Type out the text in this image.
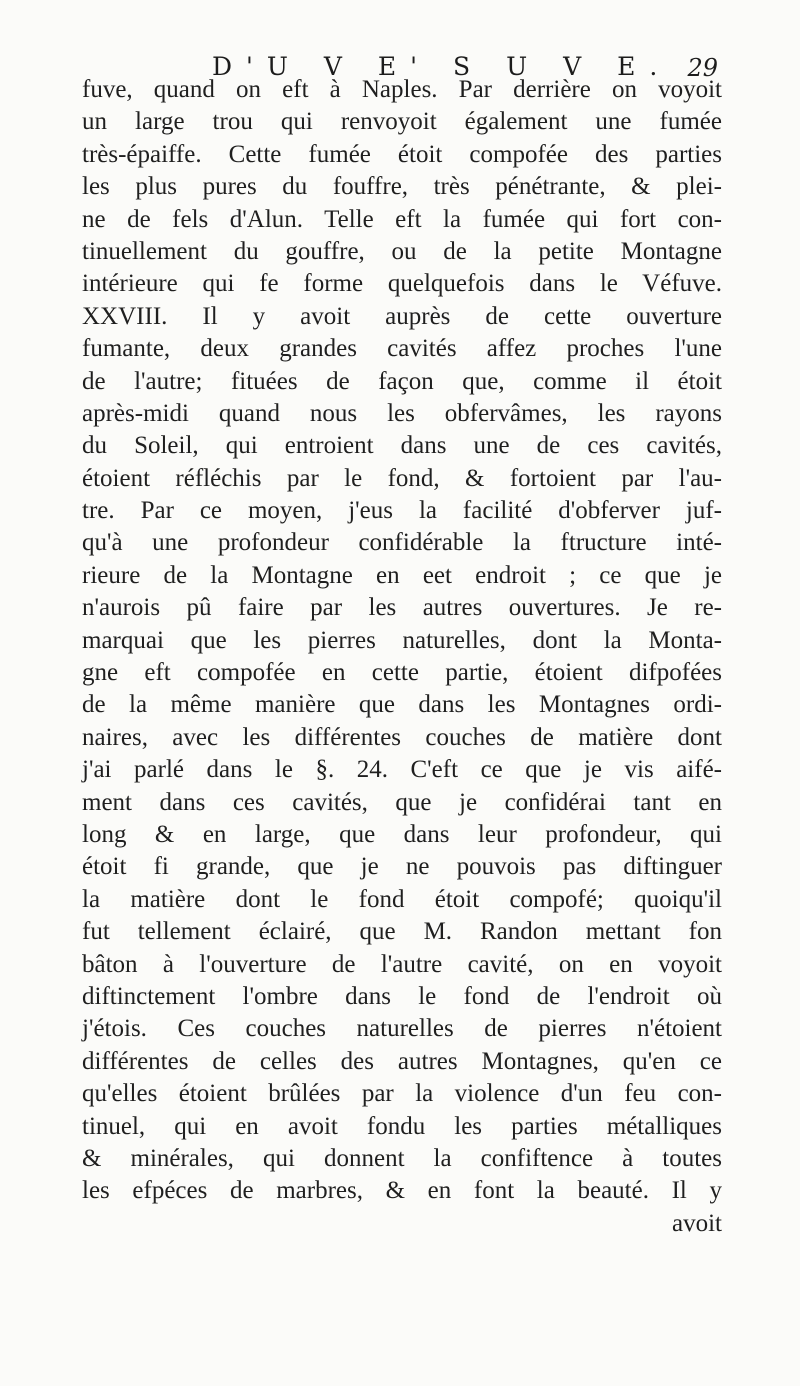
D'U V E' S U V E. 29
fuve, quand on eft à Naples. Par derrière on voyoit
un large trou qui renvoyoit également une fumée
très-épaiffe. Cette fumée étoit compofée des parties
les plus pures du fouffre, très pénétrante, & plei-
ne de fels d'Alun. Telle eft la fumée qui fort con-
tinuellement du gouffre, ou de la petite Montagne
intérieure qui fe forme quelquefois dans le Véfuve.
XXVIII. Il y avoit auprès de cette ouverture
fumante, deux grandes cavités affez proches l'une
de l'autre; fituées de façon que, comme il étoit
après-midi quand nous les obfervâmes, les rayons
du Soleil, qui entroient dans une de ces cavités,
étoient réfléchis par le fond, & fortoient par l'au-
tre. Par ce moyen, j'eus la facilité d'obferver juf-
qu'à une profondeur confidérable la ftructure inté-
rieure de la Montagne en eet endroit ; ce que je
n'aurois pû faire par les autres ouvertures. Je re-
marquai que les pierres naturelles, dont la Monta-
gne eft compofée en cette partie, étoient difpofées
de la même manière que dans les Montagnes ordi-
naires, avec les différentes couches de matière dont
j'ai parlé dans le §. 24. C'eft ce que je vis aifé-
ment dans ces cavités, que je confidérai tant en
long & en large, que dans leur profondeur, qui
étoit fi grande, que je ne pouvois pas diftinguer
la matière dont le fond étoit compofé; quoiqu'il
fut tellement éclairé, que M. Randon mettant fon
bâton à l'ouverture de l'autre cavité, on en voyoit
diftinctement l'ombre dans le fond de l'endroit où
j'étois. Ces couches naturelles de pierres n'étoient
différentes de celles des autres Montagnes, qu'en ce
qu'elles étoient brûlées par la violence d'un feu con-
tinuel, qui en avoit fondu les parties métalliques
& minérales, qui donnent la confiftence à toutes
les efpéces de marbres, & en font la beauté. Il y
avoit
